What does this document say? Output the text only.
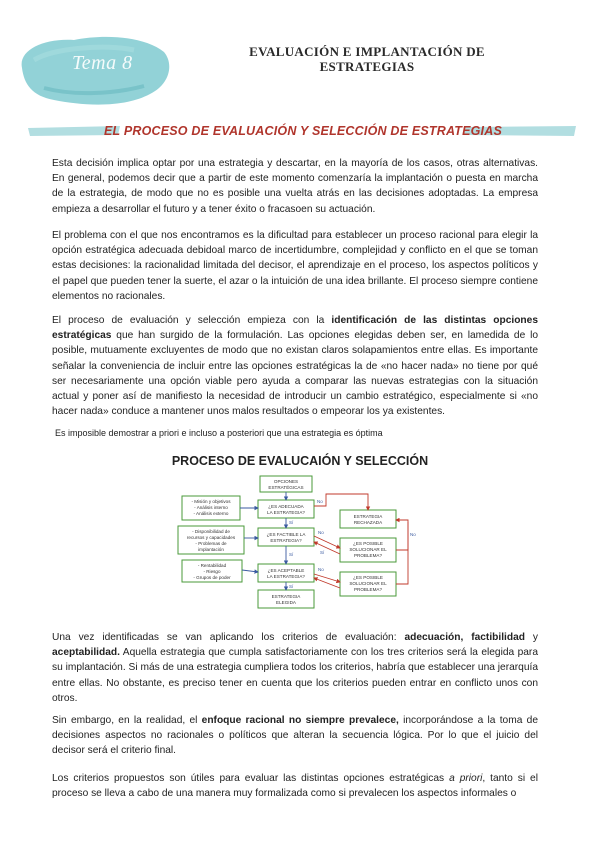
Tema 8
EVALUACIÓN E IMPLANTACIÓN DE
ESTRATEGIAS
EL PROCESO DE EVALUACIÓN Y SELECCIÓN DE ESTRATEGIAS
Esta decisión implica optar por una estrategia y descartar, en la mayoría de los casos, otras alternativas. En general, podemos decir que a partir de este momento comenzaría la implantación o puesta en marcha de la estrategia, de modo que no es posible una vuelta atrás en las decisiones adoptadas. La empresa empieza a desarrollar el futuro y a tener éxito o fracasoen su actuación.
El problema con el que nos encontramos es la dificultad para establecer un proceso racional para elegir la opción estratégica adecuada debidoal marco de incertidumbre, complejidad y conflicto en el que se toman estas decisiones: la racionalidad limitada del decisor, el aprendizaje en el proceso, los aspectos políticos y el papel que pueden tener la suerte, el azar o la intuición de una idea brillante. El proceso siempre contiene elementos no racionales.
El proceso de evaluación y selección empieza con la identificación de las distintas opciones estratégicas que han surgido de la formulación. Las opciones elegidas deben ser, en lamedida de lo posible, mutuamente excluyentes de modo que no existan claros solapamientos entre ellas. Es importante señalar la conveniencia de incluir entre las opciones estratégicas la de «no hacer nada» no tiene por qué ser necesariamente una opción viable pero ayuda a comparar las nuevas estrategias con la situación actual y poner así de manifiesto la necesidad de introducir un cambio estratégico, especialmente si «no hacer nada» conduce a mantener unos malos resultados o empeorar los ya existentes.
Es imposible demostrar a priori e incluso a posteriori que una estrategia es óptima
PROCESO DE EVALUCAIÓN Y SELECCIÓN
OPCIONES
ESTRATÉGICAS
¿ES ADECUADA
LA ESTRATEGIA?
¿ES FACTIBLE LA
ESTRATEGIA?
¿ES ACEPTABLE
LA ESTRATEGIA?
ESTRATEGIA
ELEGIDA
ESTRATEGIA
RECHAZADA
¿ES POSIBLE
SOLUCIONAR EL
PROBLEMA?
¿ES POSIBLE
SOLUCIONAR EL
PROBLEMA?
- Misión y objetivos
- Análisis interno
- Análisis externo
- Disponibilidad de
recursos y capacidades
- Problemas de
implantación
- Rentabilidad
- Riesgo
- Grupos de poder
No
No
Sí
Sí
No
Sí
Sí
No
Una vez identificadas se van aplicando los criterios de evaluación: adecuación, factibilidad y aceptabilidad. Aquella estrategia que cumpla satisfactoriamente con los tres criterios será la elegida para su implantación. Si más de una estrategia cumpliera todos los criterios, habría que establecer una jerarquía entre ellas. No obstante, es preciso tener en cuenta que los criterios pueden entrar en conflicto unos con otros.
Sin embargo, en la realidad, el enfoque racional no siempre prevalece, incorporándose a la toma de decisiones aspectos no racionales o políticos que alteran la secuencia lógica. Por lo que el juicio del decisor será el criterio final.
Los criterios propuestos son útiles para evaluar las distintas opciones estratégicas a priori, tanto si el proceso se lleva a cabo de una manera muy formalizada como si prevalecen los aspectos informales o
